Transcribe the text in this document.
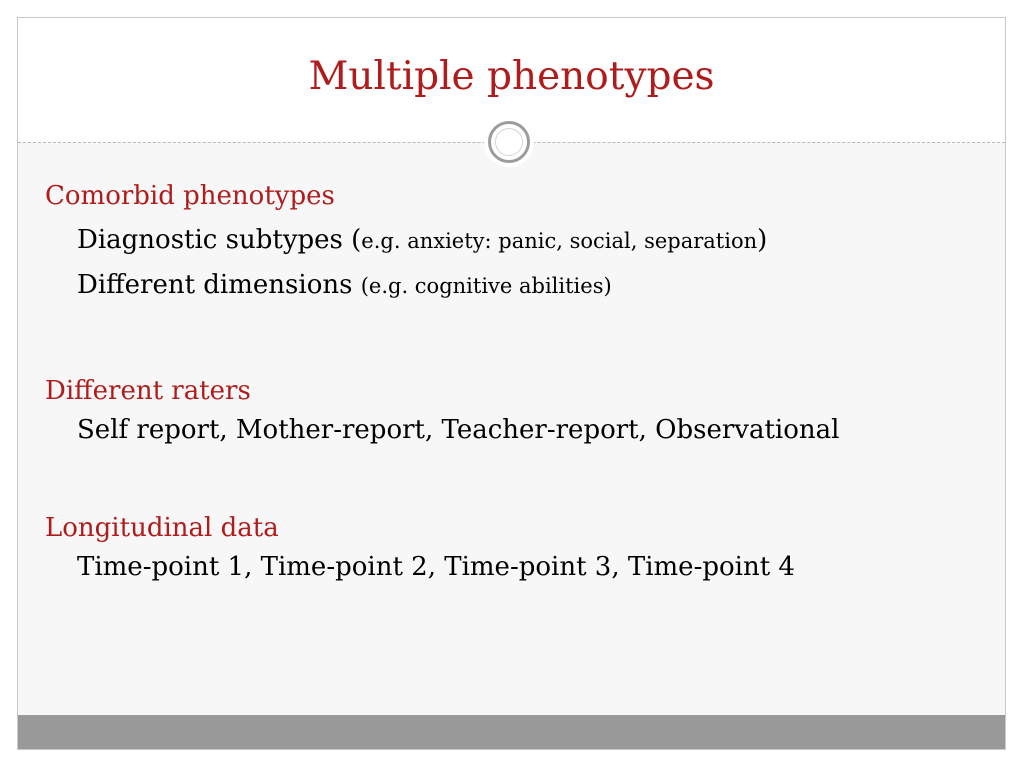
Multiple phenotypes
Comorbid phenotypes
Diagnostic subtypes (e.g. anxiety: panic, social, separation)
Different dimensions (e.g. cognitive abilities)
Different raters
Self report, Mother-report, Teacher-report, Observational
Longitudinal data
Time-point 1, Time-point 2, Time-point 3, Time-point 4
